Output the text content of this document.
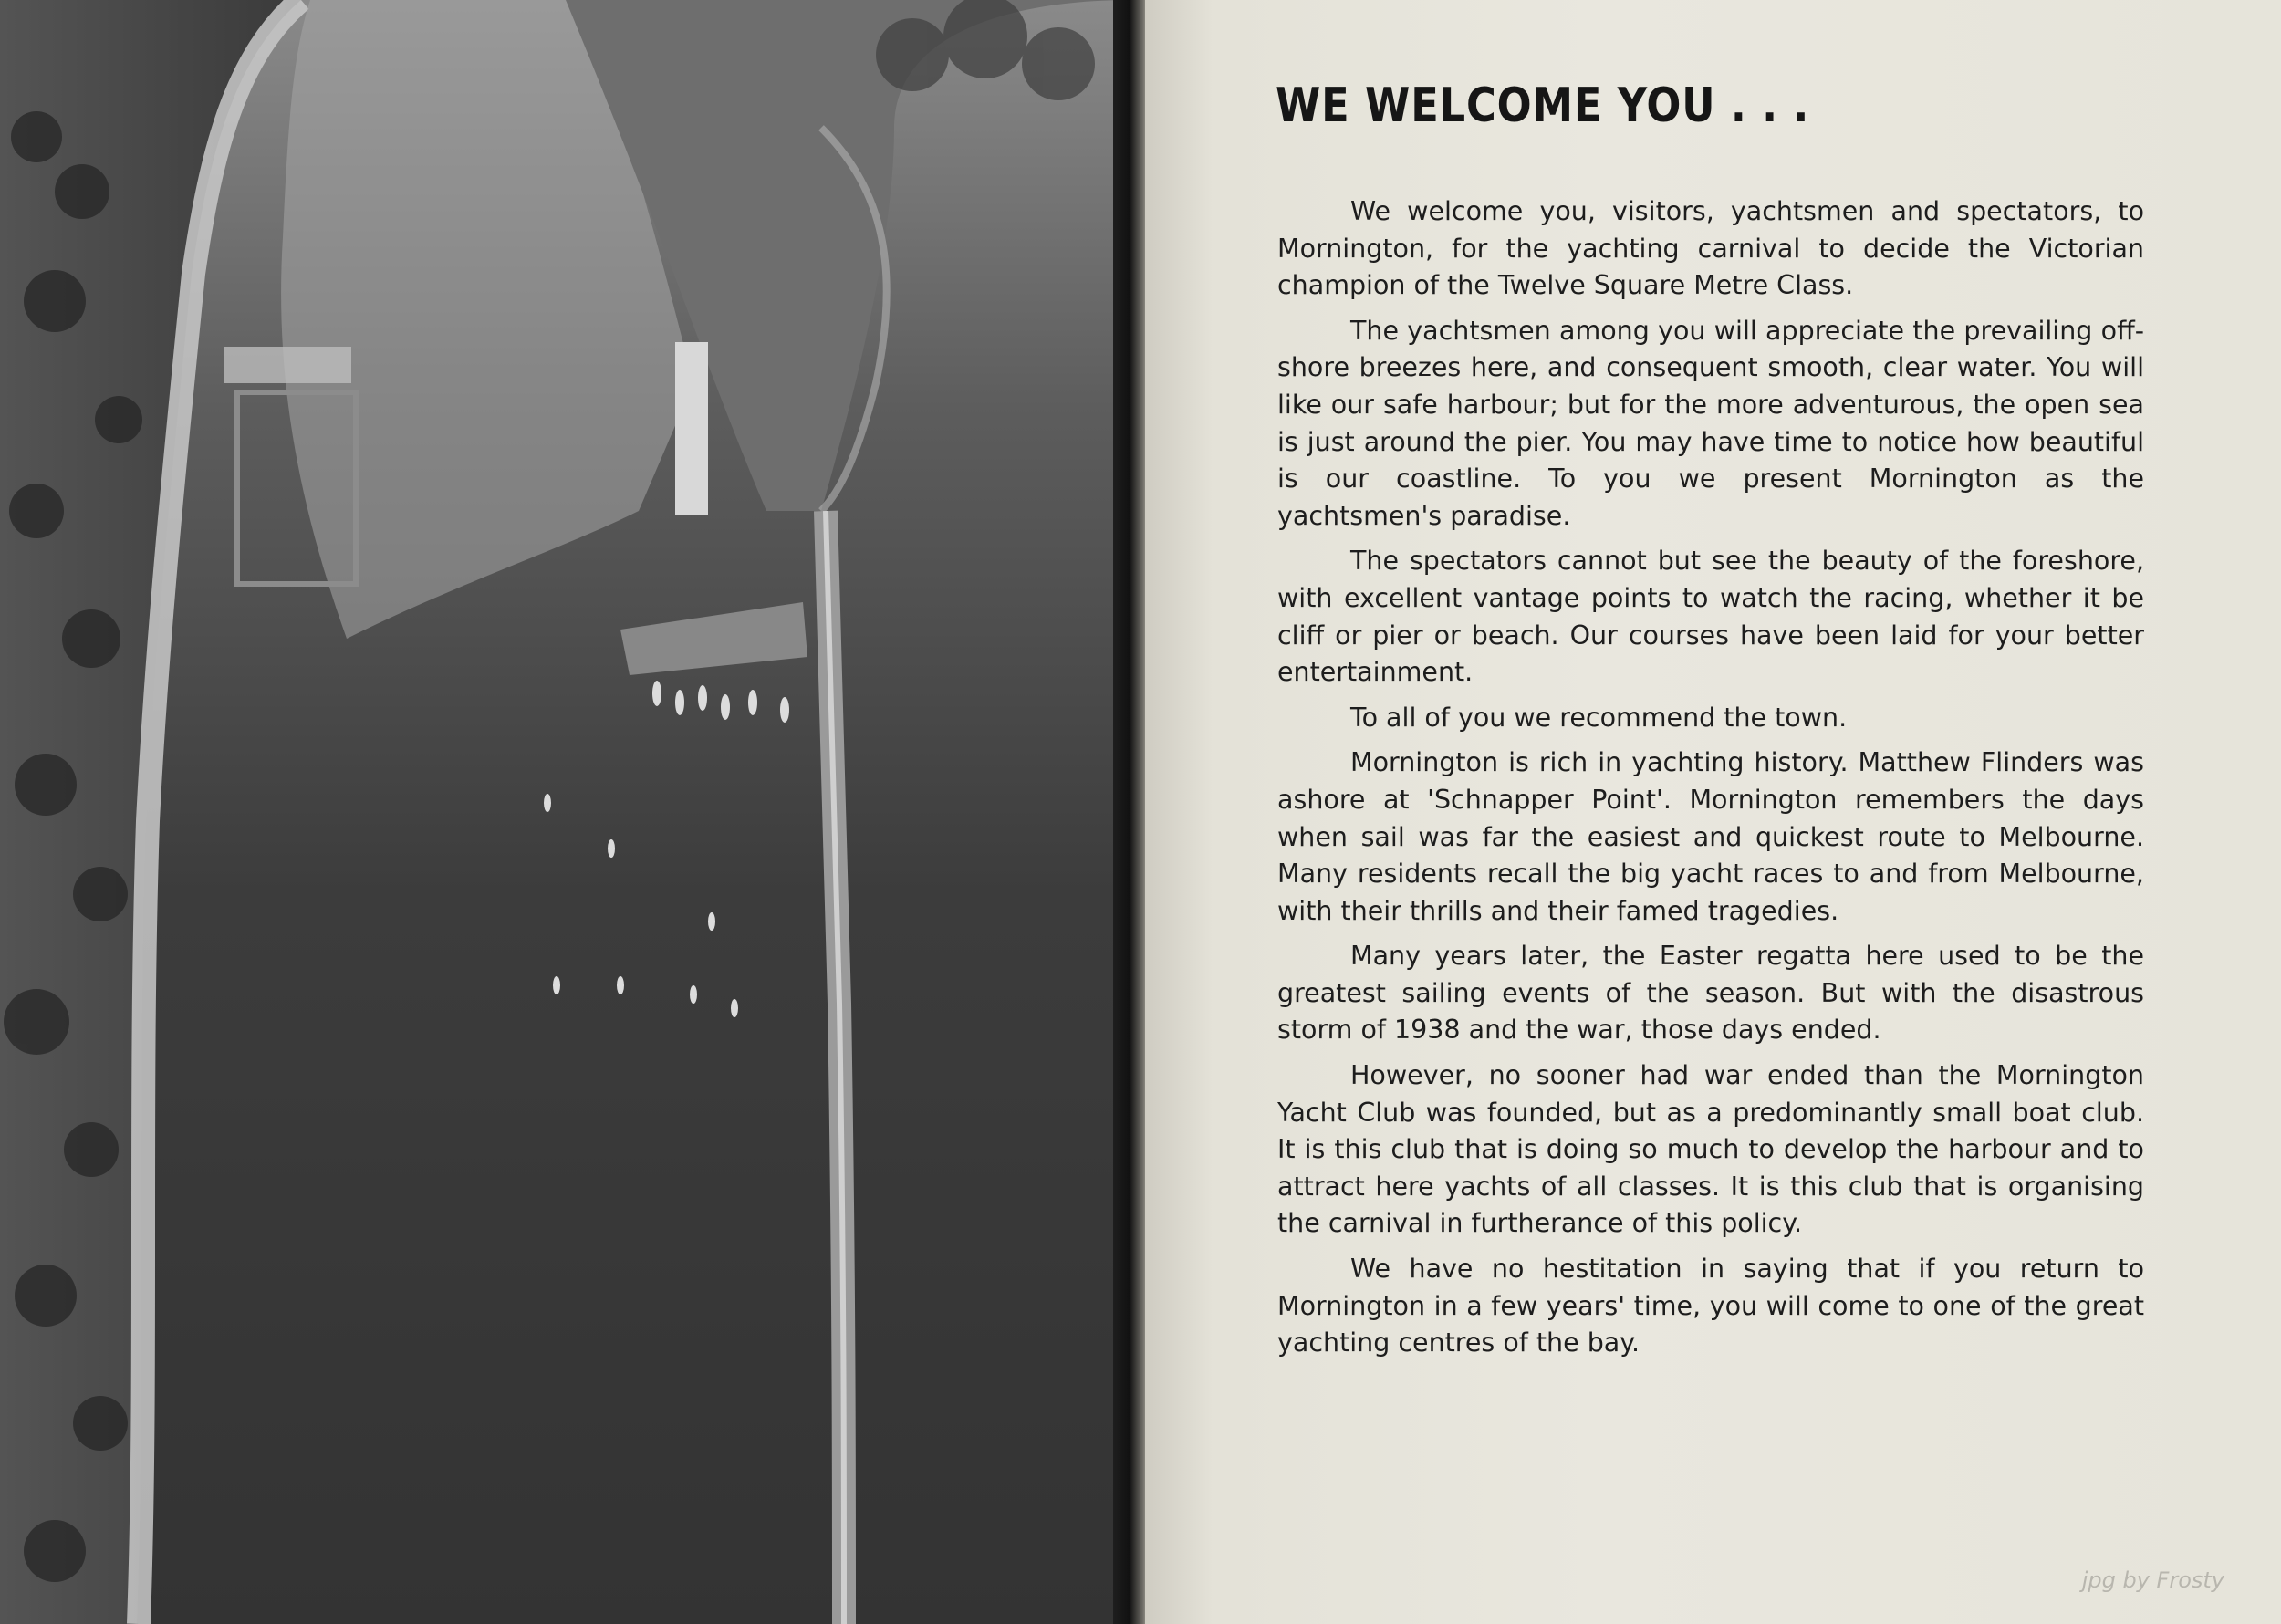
WE WELCOME YOU . . .

We welcome you, visitors, yachtsmen and spectators, to Mornington, for the yachting carnival to decide the Victorian champion of the Twelve Square Metre Class.

The yachtsmen among you will appreciate the prevailing off-shore breezes here, and consequent smooth, clear water. You will like our safe harbour; but for the more adventurous, the open sea is just around the pier. You may have time to notice how beautiful is our coastline. To you we present Mornington as the yachtsmen's paradise.

The spectators cannot but see the beauty of the foreshore, with excellent vantage points to watch the racing, whether it be cliff or pier or beach. Our courses have been laid for your better entertainment.

To all of you we recommend the town.

Mornington is rich in yachting history. Matthew Flinders was ashore at 'Schnapper Point'. Mornington remembers the days when sail was far the easiest and quickest route to Melbourne. Many residents recall the big yacht races to and from Melbourne, with their thrills and their famed tragedies.

Many years later, the Easter regatta here used to be the greatest sailing events of the season. But with the disastrous storm of 1938 and the war, those days ended.

However, no sooner had war ended than the Mornington Yacht Club was founded, but as a predominantly small boat club. It is this club that is doing so much to develop the harbour and to attract here yachts of all classes. It is this club that is organising the carnival in furtherance of this policy.

We have no hestitation in saying that if you return to Mornington in a few years' time, you will come to one of the great yachting centres of the bay.

jpg by Frosty
